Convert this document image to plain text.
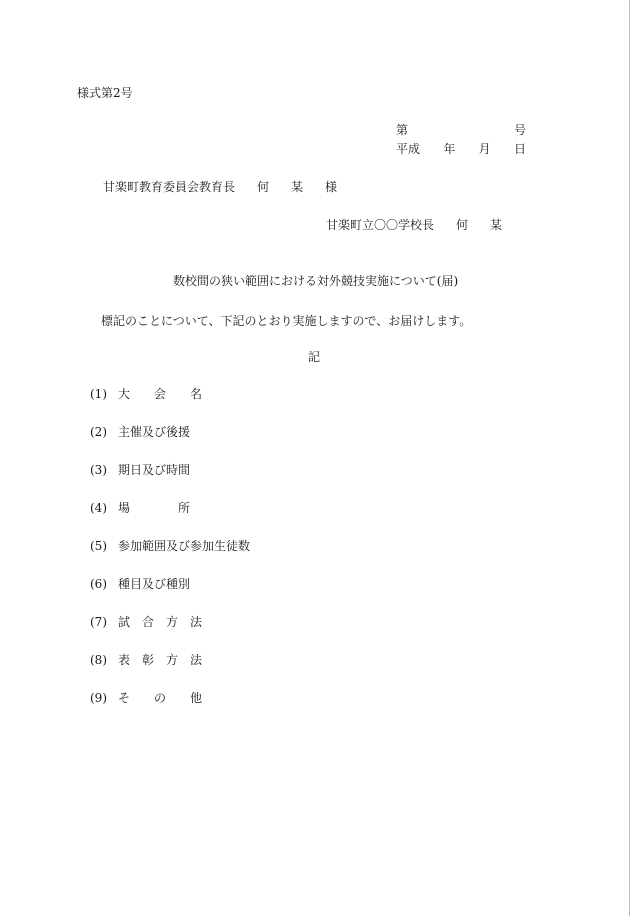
様式第2号
第	号
平成 年 月 日
甘楽町教育委員会教育長 何 某 様
甘楽町立〇〇学校長 何 某
数校間の狭い範囲における対外競技実施について(届)
標記のことについて、下記のとおり実施しますので、お届けします。
記
(1) 大 会 名
(2) 主催及び後援
(3) 期日及び時間
(4) 場	所
(5) 参加範囲及び参加生徒数
(6) 種目及び種別
(7) 試 合 方 法
(8) 表 彰 方 法
(9) そ の 他
